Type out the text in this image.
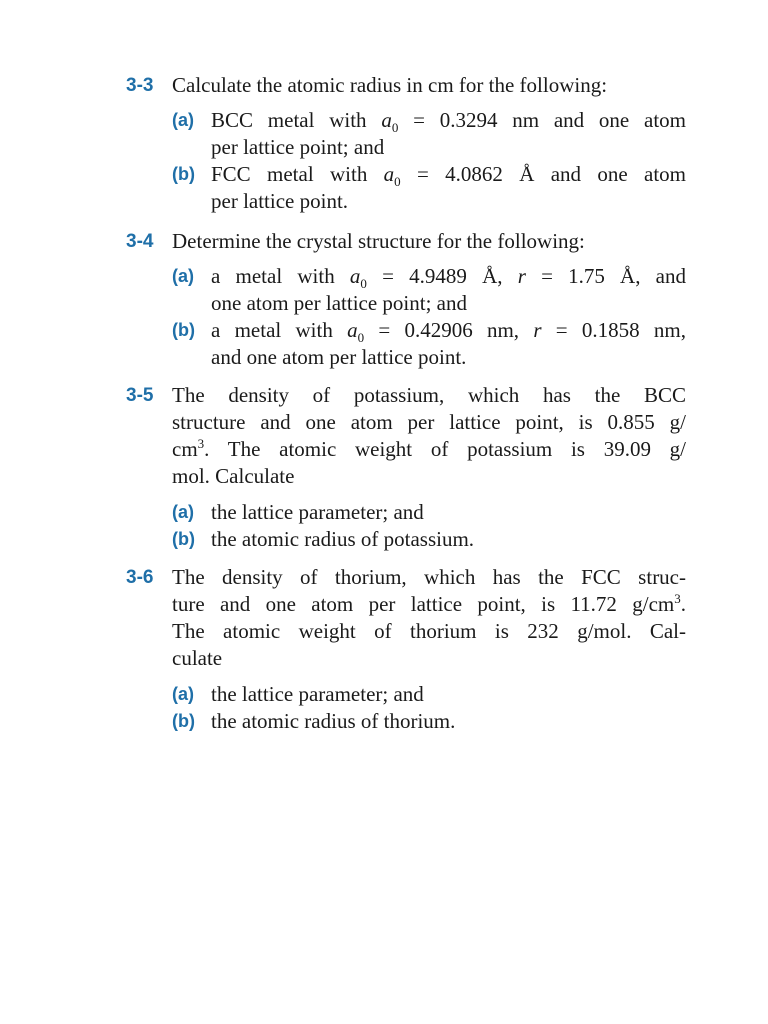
3-3 Calculate the atomic radius in cm for the following:
(a) BCC metal with $a_0 = 0.3294$ nm and one atom
per lattice point; and
(b) FCC metal with $a_0 = 4.0862$ Å and one atom
per lattice point.
3-4 Determine the crystal structure for the following:
(a) a metal with $a_0 = 4.9489$ Å, r = 1.75 Å, and
one atom per lattice point; and
(b) a metal with $a_0 = 0.42906$ nm, r = 0.1858 nm,
and one atom per lattice point.
3-5 The density of potassium, which has the BCC
structure and one atom per lattice point, is 0.855 g/
$cm^3$. The atomic weight of potassium is 39.09 g/
mol. Calculate
(a) the lattice parameter; and
(b) the atomic radius of potassium.
3-6 The density of thorium, which has the FCC struc-
ture and one atom per lattice point, is 11.72 $g/cm^3$.
The atomic weight of thorium is 232 g/mol. Cal-
culate
(a) the lattice parameter; and
(b) the atomic radius of thorium.
